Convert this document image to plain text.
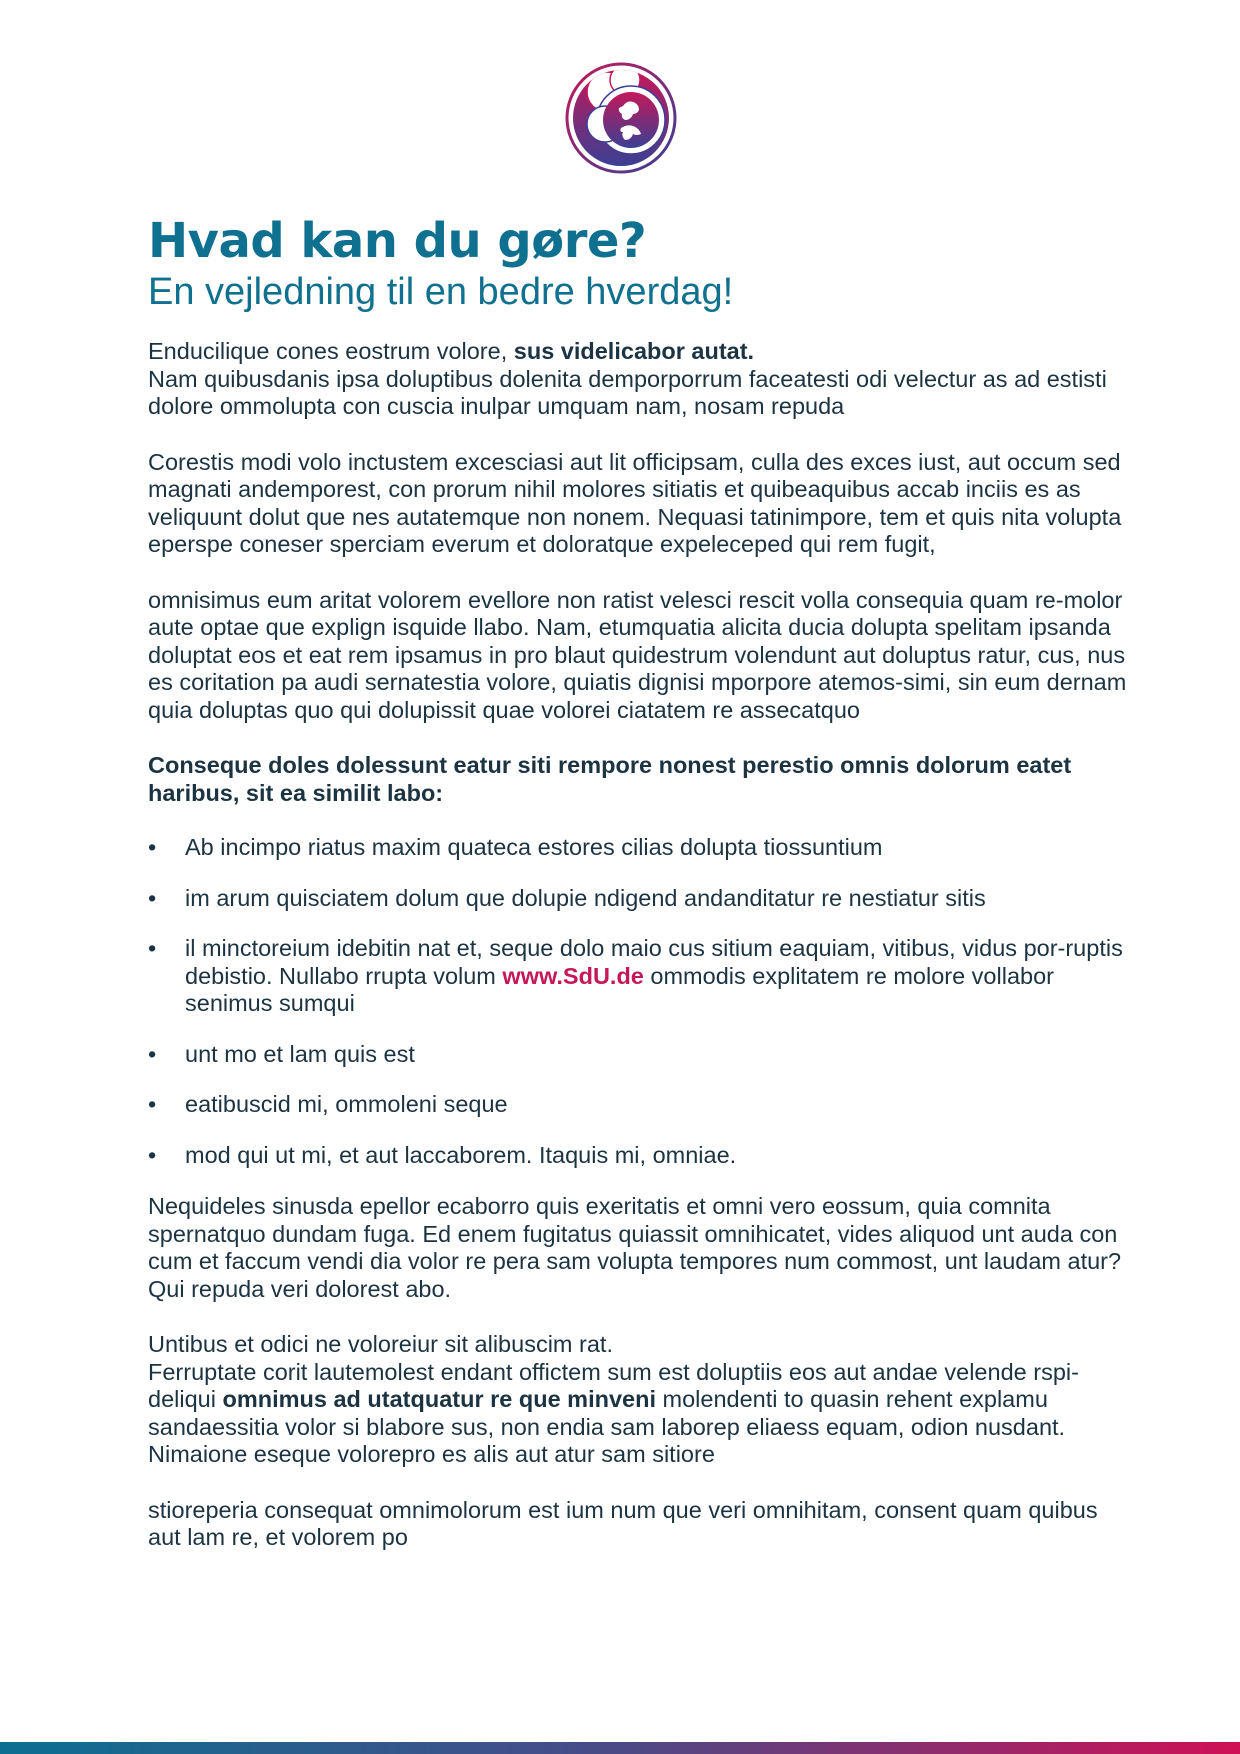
Hvad kan du gøre?
En vejledning til en bedre hverdag!
Enducilique cones eostrum volore, sus videlicabor autat.
Nam quibusdanis ipsa doluptibus dolenita demporporrum faceatesti odi velectur as ad estisti dolore ommolupta con cuscia inulpar umquam nam, nosam repuda

Corestis modi volo inctustem excesciasi aut lit officipsam, culla des exces iust, aut occum sed magnati andemporest, con prorum nihil molores sitiatis et quibeaquibus accab inciis es as veliquunt dolut que nes autatemque non nonem. Nequasi tatinimpore, tem et quis nita volupta eperspe coneser sperciam everum et doloratque expeleceped qui rem fugit,

omnisimus eum aritat volorem evellore non ratist velesci rescit volla consequia quam re-molor aute optae que explign isquide llabo. Nam, etumquatia alicita ducia dolupta spelitam ipsanda doluptat eos et eat rem ipsamus in pro blaut quidestrum volendunt aut doluptus ratur, cus, nus es coritation pa audi sernatestia volore, quiatis dignisi mporpore atemos-simi, sin eum dernam quia doluptas quo qui dolupissit quae volorei ciatatem re assecatquo

Conseque doles dolessunt eatur siti rempore nonest perestio omnis dolorum eatet haribus, sit ea similit labo:

• Ab incimpo riatus maxim quateca estores cilias dolupta tiossuntium
• im arum quisciatem dolum que dolupie ndigend andanditatur re nestiatur sitis
• il minctoreium idebitin nat et, seque dolo maio cus sitium eaquiam, vitibus, vidus por-ruptis debistio. Nullabo rrupta volum www.SdU.de ommodis explitatem re molore vollabor senimus sumqui
• unt mo et lam quis est
• eatibuscid mi, ommoleni seque
• mod qui ut mi, et aut laccaborem. Itaquis mi, omniae.

Nequideles sinusda epellor ecaborro quis exeritatis et omni vero eossum, quia comnita spernatquo dundam fuga. Ed enem fugitatus quiassit omnihicatet, vides aliquod unt auda con cum et faccum vendi dia volor re pera sam volupta tempores num commost, unt laudam atur? Qui repuda veri dolorest abo.

Untibus et odici ne voloreiur sit alibuscim rat.
Ferruptate corit lautemolest endant offictem sum est doluptiis eos aut andae velende rspi-deliqui omnimus ad utatquatur re que minveni molendenti to quasin rehent explamu sandaessitia volor si blabore sus, non endia sam laborep eliaess equam, odion nusdant. Nimaione eseque volorepro es alis aut atur sam sitiore

stioreperia consequat omnimolorum est ium num que veri omnihitam, consent quam quibus aut lam re, et volorem po
